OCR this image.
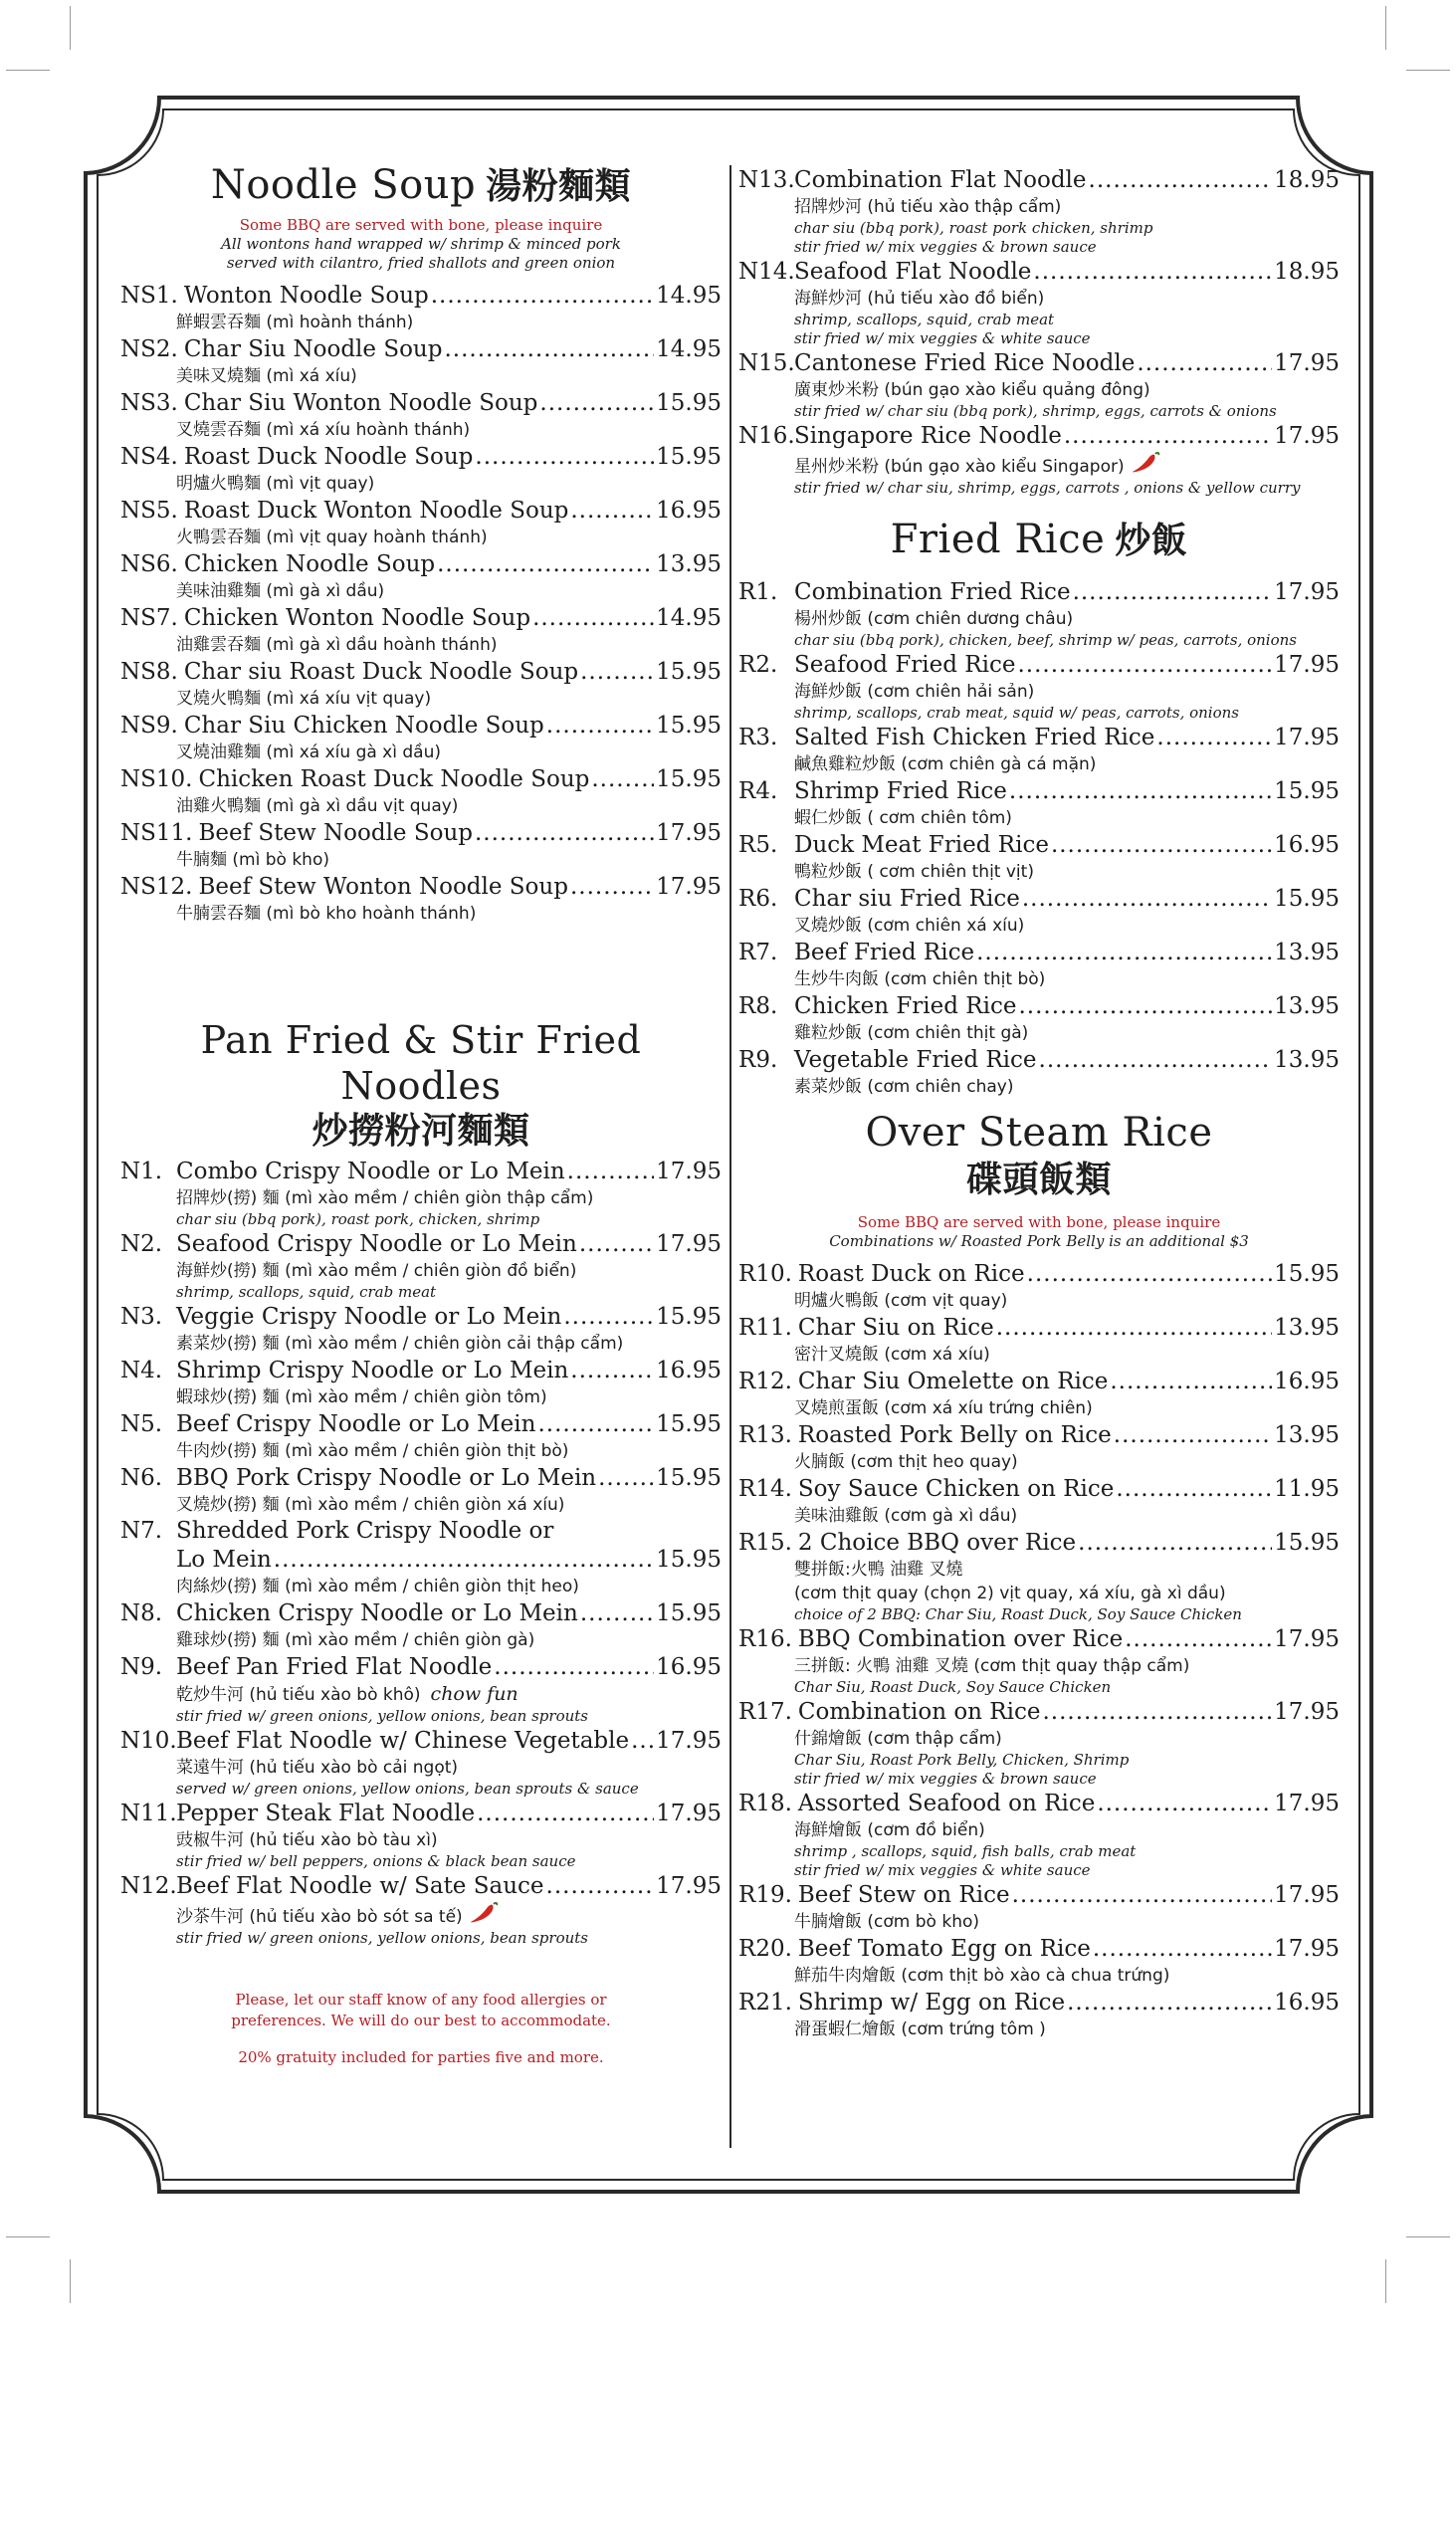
Noodle Soup 湯粉麵類
Some BBQ are served with bone, please inquire
All wontons hand wrapped w/ shrimp & minced pork
served with cilantro, fried shallots and green onion
NS1. Wonton Noodle Soup .....	14.95
鮮蝦雲吞麵 (mì hoành thánh)
NS2. Char Siu Noodle Soup .....	14.95
美味叉燒麵 (mì xá xíu)
NS3. Char Siu Wonton Noodle Soup .....	15.95
叉燒雲吞麵 (mì xá xíu hoành thánh)
NS4. Roast Duck Noodle Soup .....	15.95
明爐火鴨麵 (mì vịt quay)
NS5. Roast Duck Wonton Noodle Soup .....	16.95
火鴨雲吞麵 (mì vịt quay hoành thánh)
NS6. Chicken Noodle Soup .....	13.95
美味油雞麵 (mì gà xì dầu)
NS7. Chicken Wonton Noodle Soup .....	14.95
油雞雲吞麵 (mì gà xì dầu hoành thánh)
NS8. Char siu Roast Duck Noodle Soup .....	15.95
叉燒火鴨麵 (mì xá xíu vịt quay)
NS9. Char Siu Chicken Noodle Soup .....	15.95
叉燒油雞麵 (mì xá xíu gà xì dầu)
NS10. Chicken Roast Duck Noodle Soup .....	15.95
油雞火鴨麵 (mì gà xì dầu vịt quay)
NS11. Beef Stew Noodle Soup .....	17.95
牛腩麵 (mì bò kho)
NS12. Beef Stew Wonton Noodle Soup .....	17.95
牛腩雲吞麵 (mì bò kho hoành thánh)
Pan Fried & Stir Fried Noodles
炒撈粉河麵類
N1. Combo Crispy Noodle or Lo Mein .....	17.95
招牌炒(撈) 麵 (mì xào mềm / chiên giòn thập cẩm)
char siu (bbq pork), roast pork, chicken, shrimp
N2. Seafood Crispy Noodle or Lo Mein .....	17.95
海鮮炒(撈) 麵 (mì xào mềm / chiên giòn đồ biển)
shrimp, scallops, squid, crab meat
N3. Veggie Crispy Noodle or Lo Mein .....	15.95
素菜炒(撈) 麵 (mì xào mềm / chiên giòn cải thập cẩm)
N4. Shrimp Crispy Noodle or Lo Mein .....	16.95
蝦球炒(撈) 麵 (mì xào mềm / chiên giòn tôm)
N5. Beef Crispy Noodle or Lo Mein .....	15.95
牛肉炒(撈) 麵 (mì xào mềm / chiên giòn thịt bò)
N6. BBQ Pork Crispy Noodle or Lo Mein .....	15.95
叉燒炒(撈) 麵 (mì xào mềm / chiên giòn xá xíu)
N7. Shredded Pork Crispy Noodle or
Lo Mein .....	15.95
肉絲炒(撈) 麵 (mì xào mềm / chiên giòn thịt heo)
N8. Chicken Crispy Noodle or Lo Mein .....	15.95
雞球炒(撈) 麵 (mì xào mềm / chiên giòn gà)
N9. Beef Pan Fried Flat Noodle .....	16.95
乾炒牛河 (hủ tiếu xào bò khô) chow fun
stir fried w/ green onions, yellow onions, bean sprouts
N10. Beef Flat Noodle w/ Chinese Vegetable ..... 17.95
菜遠牛河 (hủ tiếu xào bò cải ngọt)
served w/ green onions, yellow onions, bean sprouts & sauce
N11. Pepper Steak Flat Noodle .....	17.95
豉椒牛河 (hủ tiếu xào bò tàu xì)
stir fried w/ bell peppers, onions & black bean sauce
N12. Beef Flat Noodle w/ Sate Sauce .....	17.95
沙茶牛河 (hủ tiếu xào bò sót sa tế)
stir fried w/ green onions, yellow onions, bean sprouts
Please, let our staff know of any food allergies or
preferences. We will do our best to accommodate.
20% gratuity included for parties five and more.
N13. Combination Flat Noodle .....	18.95
招牌炒河 (hủ tiếu xào thập cẩm)
char siu (bbq pork), roast pork chicken, shrimp
stir fried w/ mix veggies & brown sauce
N14. Seafood Flat Noodle .....	18.95
海鮮炒河 (hủ tiếu xào đồ biển)
shrimp, scallops, squid, crab meat
stir fried w/ mix veggies & white sauce
N15. Cantonese Fried Rice Noodle .....	17.95
廣東炒米粉 (bún gạo xào kiểu quảng đông)
stir fried w/ char siu (bbq pork), shrimp, eggs, carrots & onions
N16. Singapore Rice Noodle .....	17.95
星州炒米粉 (bún gạo xào kiểu Singapor)
stir fried w/ char siu, shrimp, eggs, carrots , onions & yellow curry
Fried Rice 炒飯
R1. Combination Fried Rice .....	17.95
楊州炒飯 (cơm chiên dương châu)
char siu (bbq pork), chicken, beef, shrimp w/ peas, carrots, onions
R2. Seafood Fried Rice .....	17.95
海鮮炒飯 (cơm chiên hải sản)
shrimp, scallops, crab meat, squid w/ peas, carrots, onions
R3. Salted Fish Chicken Fried Rice .....	17.95
鹹魚雞粒炒飯 (cơm chiên gà cá mặn)
R4. Shrimp Fried Rice .....	15.95
蝦仁炒飯 ( cơm chiên tôm)
R5. Duck Meat Fried Rice .....	16.95
鴨粒炒飯 ( cơm chiên thịt vịt)
R6. Char siu Fried Rice .....	15.95
叉燒炒飯 (cơm chiên xá xíu)
R7. Beef Fried Rice .....	13.95
生炒牛肉飯 (cơm chiên thịt bò)
R8. Chicken Fried Rice .....	13.95
雞粒炒飯 (cơm chiên thịt gà)
R9. Vegetable Fried Rice .....	13.95
素菜炒飯 (cơm chiên chay)
Over Steam Rice
碟頭飯類
Some BBQ are served with bone, please inquire
Combinations w/ Roasted Pork Belly is an additional $3
R10. Roast Duck on Rice .....	15.95
明爐火鴨飯 (cơm vịt quay)
R11. Char Siu on Rice .....	13.95
密汁叉燒飯 (cơm xá xíu)
R12. Char Siu Omelette on Rice .....	16.95
叉燒煎蛋飯 (cơm xá xíu trứng chiên)
R13. Roasted Pork Belly on Rice .....	13.95
火腩飯 (cơm thịt heo quay)
R14. Soy Sauce Chicken on Rice .....	11.95
美味油雞飯 (cơm gà xì dầu)
R15. 2 Choice BBQ over Rice .....	15.95
雙拼飯:火鴨 油雞 叉燒
(cơm thịt quay (chọn 2) vịt quay, xá xíu, gà xì dầu)
choice of 2 BBQ: Char Siu, Roast Duck, Soy Sauce Chicken
R16. BBQ Combination over Rice .....	17.95
三拼飯: 火鴨 油雞 叉燒 (cơm thịt quay thập cẩm)
Char Siu, Roast Duck, Soy Sauce Chicken
R17. Combination on Rice .....	17.95
什錦燴飯 (cơm thập cẩm)
Char Siu, Roast Pork Belly, Chicken, Shrimp
stir fried w/ mix veggies & brown sauce
R18. Assorted Seafood on Rice .....	17.95
海鮮燴飯 (cơm đồ biển)
shrimp , scallops, squid, fish balls, crab meat
stir fried w/ mix veggies & white sauce
R19. Beef Stew on Rice .....	17.95
牛腩燴飯 (cơm bò kho)
R20. Beef Tomato Egg on Rice .....	17.95
鮮茄牛肉燴飯 (cơm thịt bò xào cà chua trứng)
R21. Shrimp w/ Egg on Rice .....	16.95
滑蛋蝦仁燴飯 (cơm trứng tôm )
